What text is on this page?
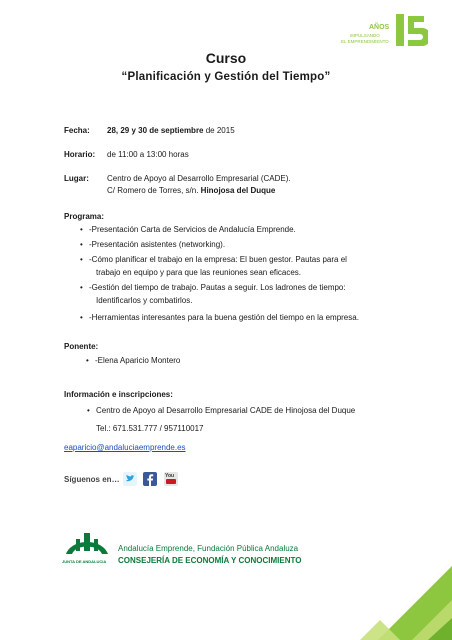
AÑOS
IMPULSANDO
EL EMPRENDIMIENTO
Curso
“Planificación y Gestión del Tiempo”
Fecha: 28, 29 y 30 de septiembre de 2015
Horario: de 11:00 a 13:00 horas
Lugar: Centro de Apoyo al Desarrollo Empresarial (CADE).
C/ Romero de Torres, s/n. Hinojosa del Duque
Programa:
• -Presentación Carta de Servicios de Andalucía Emprende.
• -Presentación asistentes (networking).
• -Cómo planificar el trabajo en la empresa: El buen gestor. Pautas para el
trabajo en equipo y para que las reuniones sean eficaces.
• -Gestión del tiempo de trabajo. Pautas a seguir. Los ladrones de tiempo:
Identificarlos y combatirlos.
• -Herramientas interesantes para la buena gestión del tiempo en la empresa.
Ponente:
• -Elena Aparicio Montero
Información e inscripciones:
• Centro de Apoyo al Desarrollo Empresarial CADE de Hinojosa del Duque
Tel.: 671.531.777 / 957110017
eaparicio@andaluciaemprende.es
Síguenos en…	You
JUNTA DE ANDALUCIA
Andalucía Emprende, Fundación Pública Andaluza
CONSEJERÍA DE ECONOMÍA Y CONOCIMIENTO
